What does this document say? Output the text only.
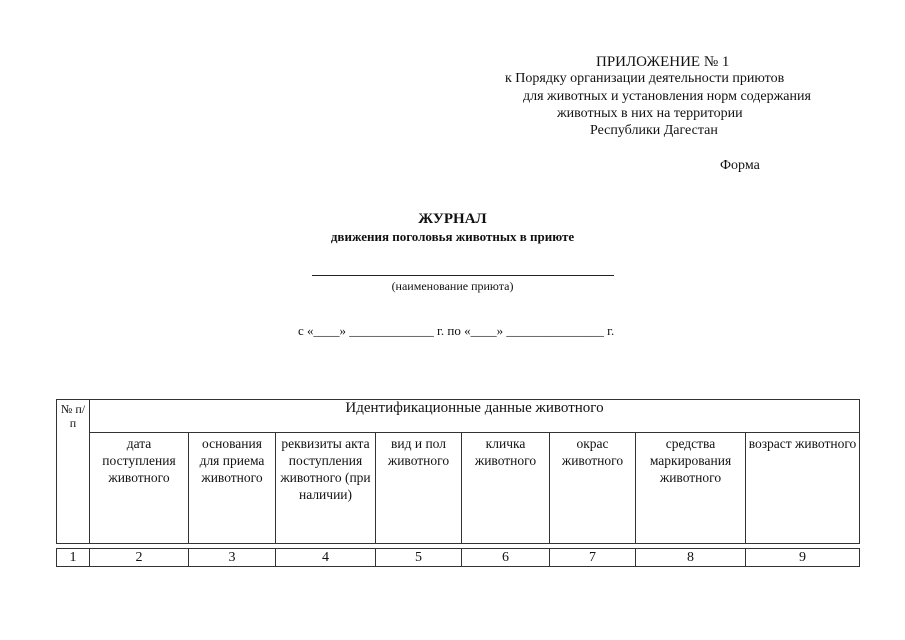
ПРИЛОЖЕНИЕ № 1
к Порядку организации деятельности приютов
для животных и установления норм содержания
животных в них на территории
Республики Дагестан
Форма
ЖУРНАЛ
движения поголовья животных в приюте
(наименование приюта)
с «____» _____________ г. по «____» _______________ г.
№ п/п	Идентификационные данные животного							

	дата поступления животного	основания для приема животного	реквизиты акта поступления животного (при наличии)	вид и пол животного	кличка животного	окрас животного	средства маркирования животного	возраст животного

1	2	3	4	5	6	7	8	9
